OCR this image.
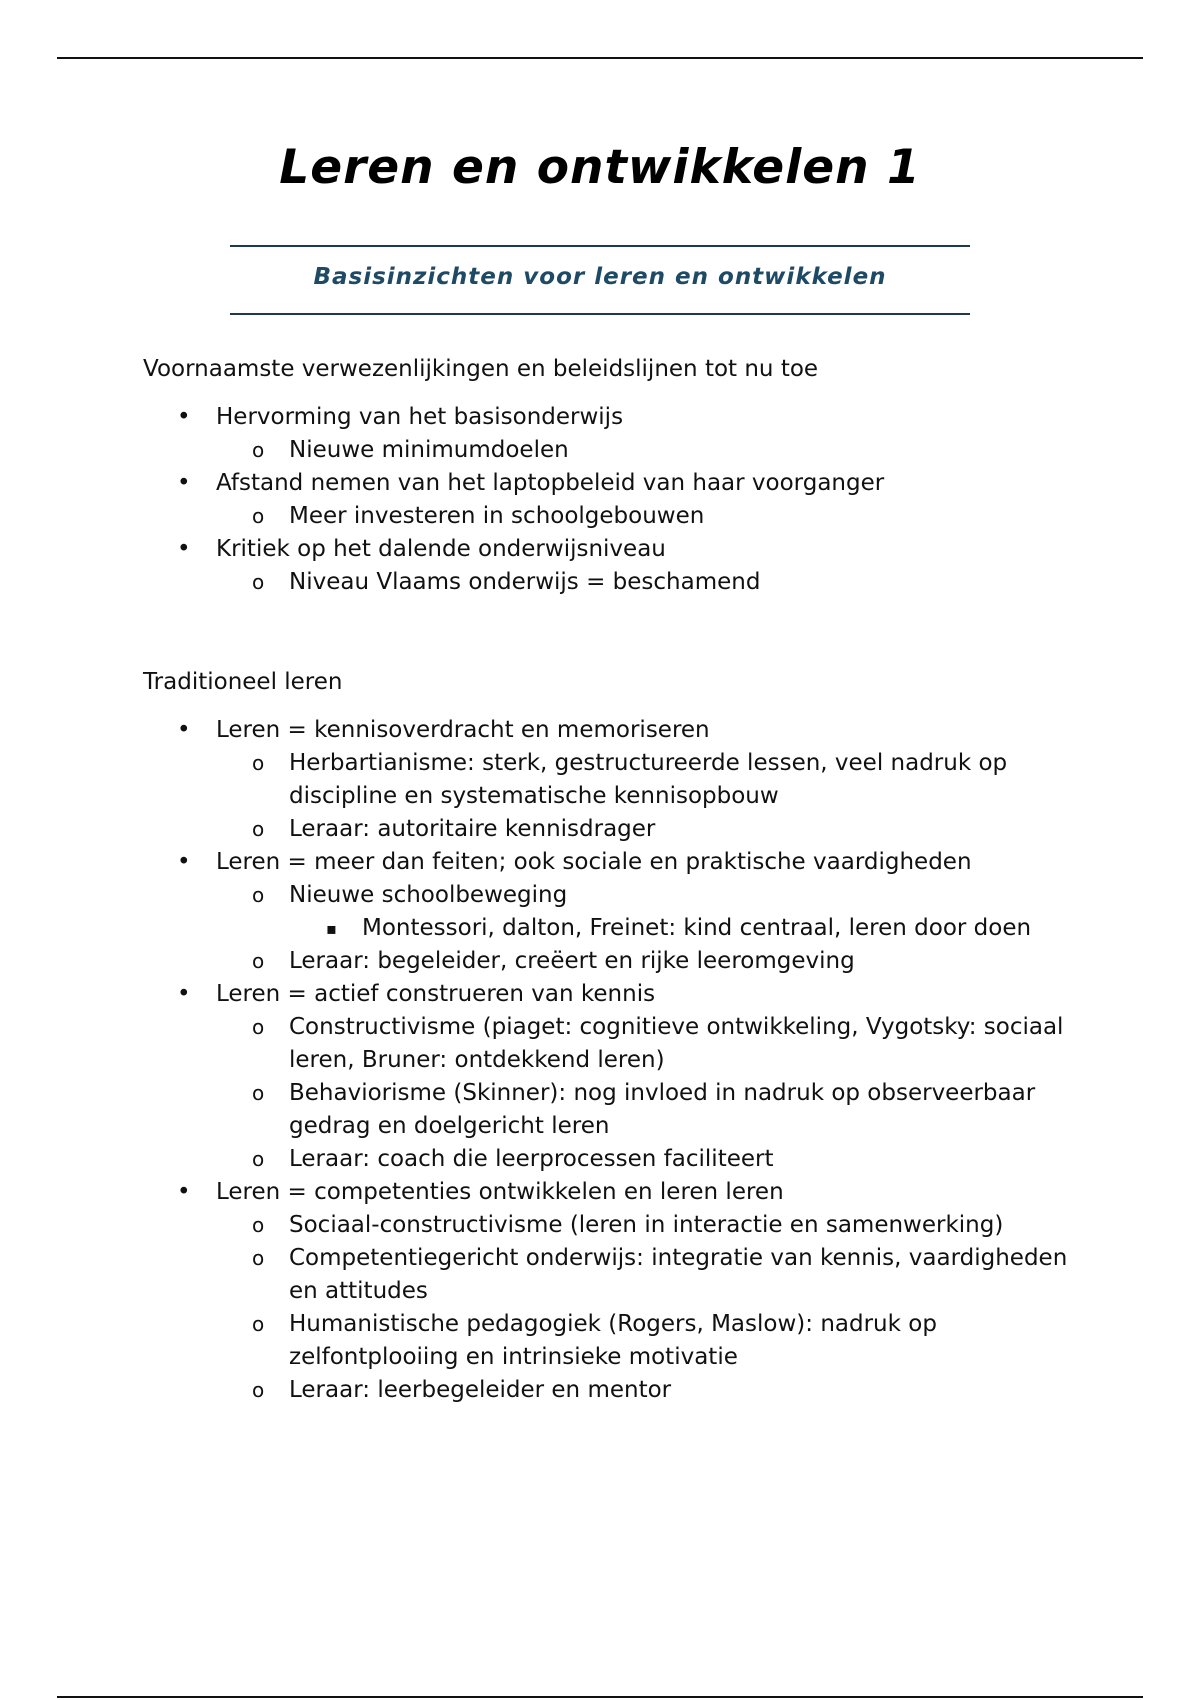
Leren en ontwikkelen 1
Basisinzichten voor leren en ontwikkelen
Voornaamste verwezenlijkingen en beleidslijnen tot nu toe
• Hervorming van het basisonderwijs
o Nieuwe minimumdoelen
• Afstand nemen van het laptopbeleid van haar voorganger
o Meer investeren in schoolgebouwen
• Kritiek op het dalende onderwijsniveau
o Niveau Vlaams onderwijs = beschamend
Traditioneel leren
• Leren = kennisoverdracht en memoriseren
o Herbartianisme: sterk, gestructureerde lessen, veel nadruk op discipline en systematische kennisopbouw
o Leraar: autoritaire kennisdrager
• Leren = meer dan feiten; ook sociale en praktische vaardigheden
o Nieuwe schoolbeweging
▪ Montessori, dalton, Freinet: kind centraal, leren door doen
o Leraar: begeleider, creëert en rijke leeromgeving
• Leren = actief construeren van kennis
o Constructivisme (piaget: cognitieve ontwikkeling, Vygotsky: sociaal leren, Bruner: ontdekkend leren)
o Behaviorisme (Skinner): nog invloed in nadruk op observeerbaar gedrag en doelgericht leren
o Leraar: coach die leerprocessen faciliteert
• Leren = competenties ontwikkelen en leren leren
o Sociaal-constructivisme (leren in interactie en samenwerking)
o Competentiegericht onderwijs: integratie van kennis, vaardigheden en attitudes
o Humanistische pedagogiek (Rogers, Maslow): nadruk op zelfontplooiing en intrinsieke motivatie
o Leraar: leerbegeleider en mentor
